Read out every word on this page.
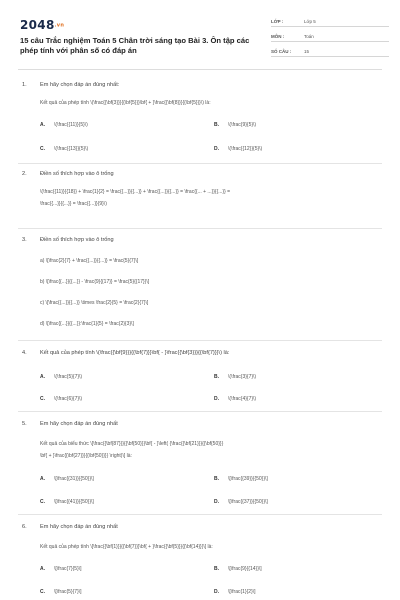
2048.vn
15 câu Trắc nghiệm Toán 5 Chân trời sáng tạo Bài 3. Ôn tập các phép tính với phân số có đáp án
LỚP :	Lớp 5
MÔN :	Toán
SỐ CÂU :	15
1. Em hãy chọn đáp án đúng nhất:
Kết quả của phép tính \(\frac{{\bf{3}}}{{\bf{5}}}\bf{ + }\frac{{\bf{8}}}{{\bf{5}}}\) là:
A. \(\frac{{11}}{5}\)	B. \(\frac{9}{5}\)
C. \(\frac{{13}}{5}\)	D. \(\frac{{12}}{5}\)
2. Điền số thích hợp vào ô trống
\(\frac{{11}}{{18}} + \frac{1}{2} = \frac{{...}}{{...}} + \frac{{...}}{{...}} = \frac{{... + ...}}{{...}} =
\frac{{...}}{{...}} = \frac{{...}}{9}\)
3. Điền số thích hợp vào ô trống
a) \[\frac{2}{7} + \frac{{...}}{{...}} = \frac{5}{7}\]
b) \[\frac{{...}}{{...}} - \frac{9}{{17}} = \frac{5}{{17}}\]
c) \[\frac{{...}}{{...}} \times \frac{2}{5} = \frac{2}{7}\]
d) \[\frac{{...}}{{...}}:\frac{1}{5} = \frac{2}{3}\]
4. Kết quả của phép tính \(\frac{{\bf{9}}}{{\bf{7}}}\bf{ - }\frac{{\bf{3}}}{{\bf{7}}}\) là:
A. \(\frac{5}{7}\)	B. \(\frac{3}{7}\)
C. \(\frac{6}{7}\)	D. \(\frac{4}{7}\)
5. Em hãy chọn đáp án đúng nhất
Kết quả của biểu thức \[\frac{{\bf{87}}}{{\bf{50}}}\bf{ - }\left( {\frac{{\bf{21}}}{{\bf{50}}}
\bf{ + }\frac{{\bf{27}}}{{\bf{50}}}} \right)\] là:
A. \[\frac{{31}}{{50}}\]	B. \[\frac{{39}}{{50}}\]
C. \[\frac{{41}}{{50}}\]	D. \[\frac{{37}}{{50}}\]
6. Em hãy chọn đáp án đúng nhất
Kết quả của phép tính \[\frac{{\bf{1}}}{{\bf{7}}}\bf{ + }\frac{{\bf{5}}}{{\bf{14}}}\] là:
A. \[\frac{7}{5}\]	B. \[\frac{9}{{14}}\]
C. \[\frac{5}{7}\]	D. \[\frac{1}{2}\]
